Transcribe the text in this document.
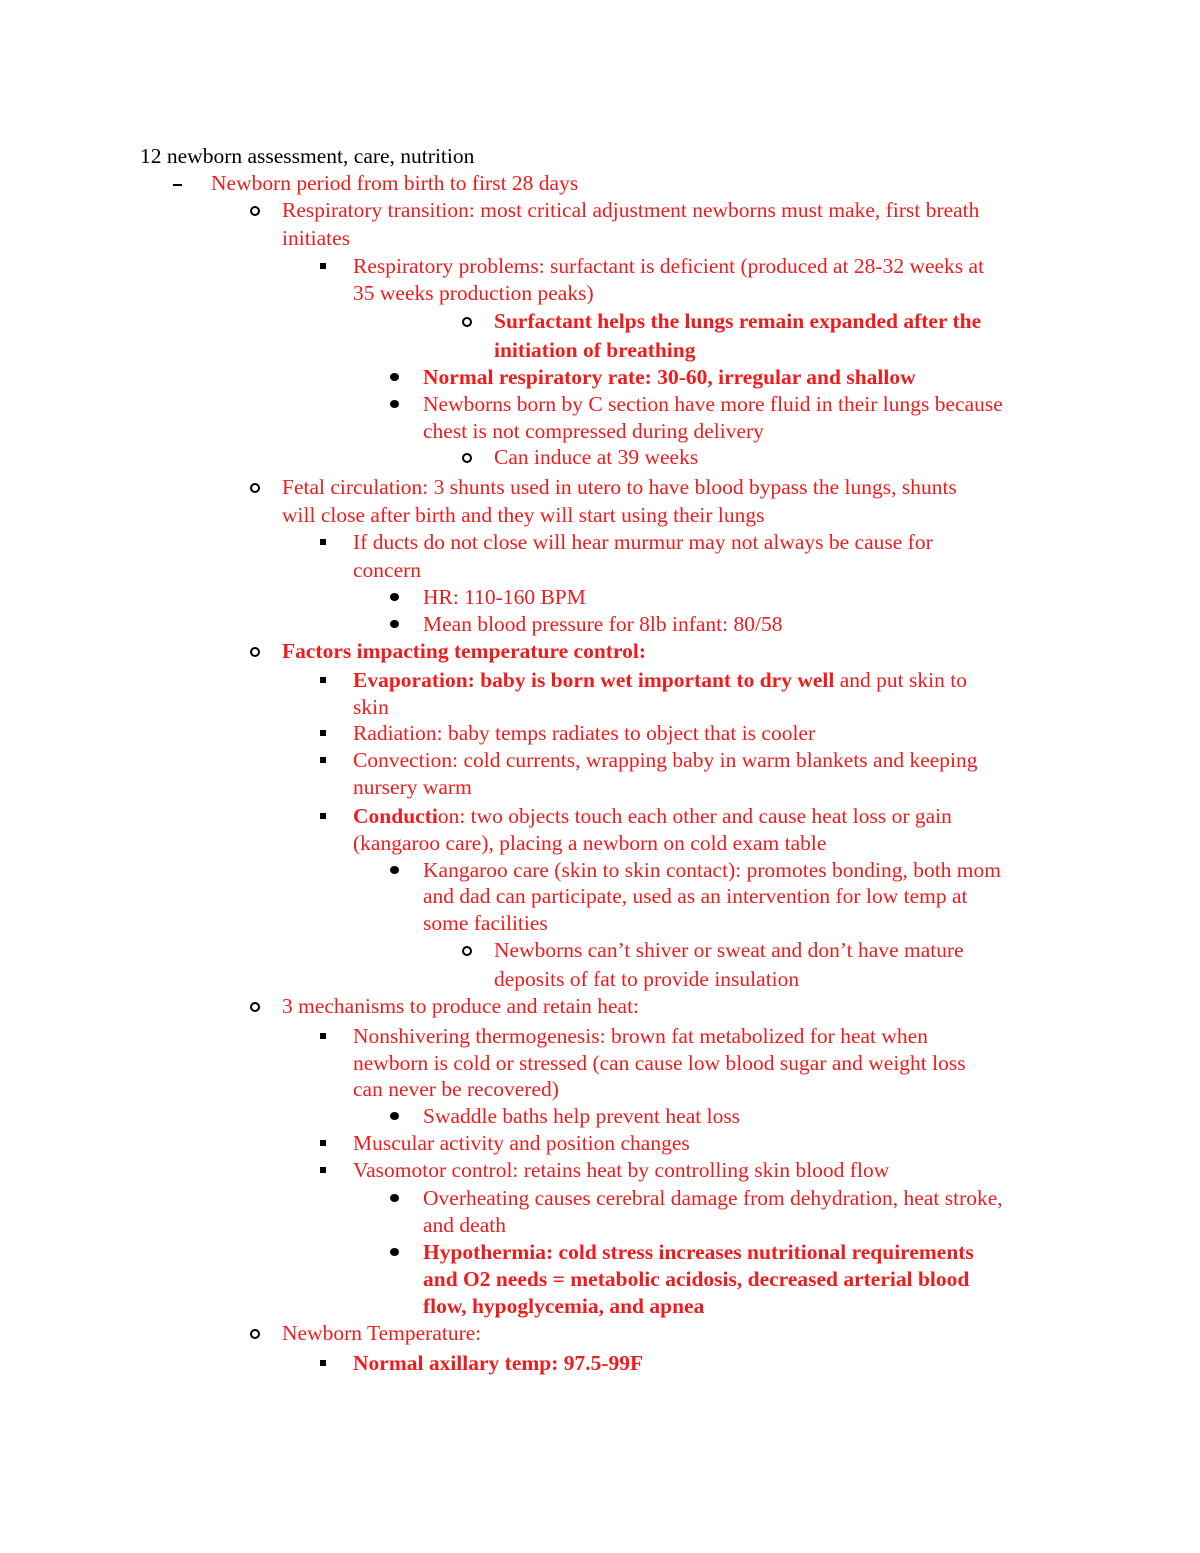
12 newborn assessment, care, nutrition
Newborn period from birth to first 28 days
Respiratory transition: most critical adjustment newborns must make, first breath
initiates
Respiratory problems: surfactant is deficient (produced at 28-32 weeks at
35 weeks production peaks)
Surfactant helps the lungs remain expanded after the
initiation of breathing
Normal respiratory rate: 30-60, irregular and shallow
Newborns born by C section have more fluid in their lungs because
chest is not compressed during delivery
Can induce at 39 weeks
Fetal circulation: 3 shunts used in utero to have blood bypass the lungs, shunts
will close after birth and they will start using their lungs
If ducts do not close will hear murmur may not always be cause for
concern
HR: 110-160 BPM
Mean blood pressure for 8lb infant: 80/58
Factors impacting temperature control:
Evaporation: baby is born wet important to dry well and put skin to
skin
Radiation: baby temps radiates to object that is cooler
Convection: cold currents, wrapping baby in warm blankets and keeping
nursery warm
Conduction: two objects touch each other and cause heat loss or gain
(kangaroo care), placing a newborn on cold exam table
Kangaroo care (skin to skin contact): promotes bonding, both mom
and dad can participate, used as an intervention for low temp at
some facilities
Newborns can’t shiver or sweat and don’t have mature
deposits of fat to provide insulation
3 mechanisms to produce and retain heat:
Nonshivering thermogenesis: brown fat metabolized for heat when
newborn is cold or stressed (can cause low blood sugar and weight loss
can never be recovered)
Swaddle baths help prevent heat loss
Muscular activity and position changes
Vasomotor control: retains heat by controlling skin blood flow
Overheating causes cerebral damage from dehydration, heat stroke,
and death
Hypothermia: cold stress increases nutritional requirements
and O2 needs = metabolic acidosis, decreased arterial blood
flow, hypoglycemia, and apnea
Newborn Temperature:
Normal axillary temp: 97.5-99F
